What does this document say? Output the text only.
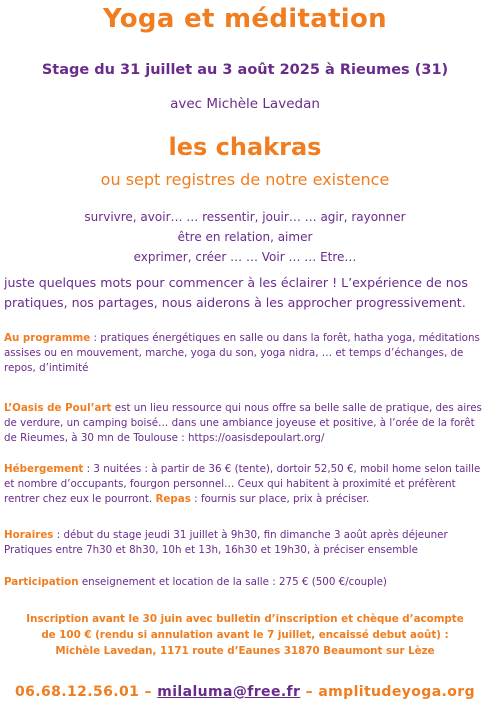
Yoga et méditation
Stage du 31 juillet au 3 août 2025 à Rieumes (31)
avec Michèle Lavedan
les chakras
ou sept registres de notre existence
survivre, avoir… … ressentir, jouir… … agir, rayonner
être en relation, aimer
exprimer, créer … … Voir … … Etre…
juste quelques mots pour commencer à les éclairer ! L’expérience de nos pratiques, nos partages, nous aiderons à les approcher progressivement.
Au programme : pratiques énergétiques en salle ou dans la forêt, hatha yoga, méditations assises ou en mouvement, marche, yoga du son, yoga nidra, … et temps d’échanges, de repos, d’intimité
L’Oasis de Poul’art est un lieu ressource qui nous offre sa belle salle de pratique, des aires de verdure, un camping boisé… dans une ambiance joyeuse et positive, à l’orée de la forêt de Rieumes, à 30 mn de Toulouse : https://oasisdepoulart.org/
Hébergement : 3 nuitées : à partir de 36 € (tente), dortoir 52,50 €, mobil home selon taille et nombre d’occupants, fourgon personnel… Ceux qui habitent à proximité et préfèrent rentrer chez eux le pourront. Repas : fournis sur place, prix à préciser.
Horaires : début du stage jeudi 31 juillet à 9h30, fin dimanche 3 août après déjeuner
Pratiques entre 7h30 et 8h30, 10h et 13h, 16h30 et 19h30, à préciser ensemble
Participation enseignement et location de la salle : 275 € (500 €/couple)
Inscription avant le 30 juin avec bulletin d’inscription et chèque d’acompte
de 100 € (rendu si annulation avant le 7 juillet, encaissé debut août) :
Michèle Lavedan, 1171 route d’Eaunes 31870 Beaumont sur Lèze
06.68.12.56.01 – milaluma@free.fr – amplitudeyoga.org
